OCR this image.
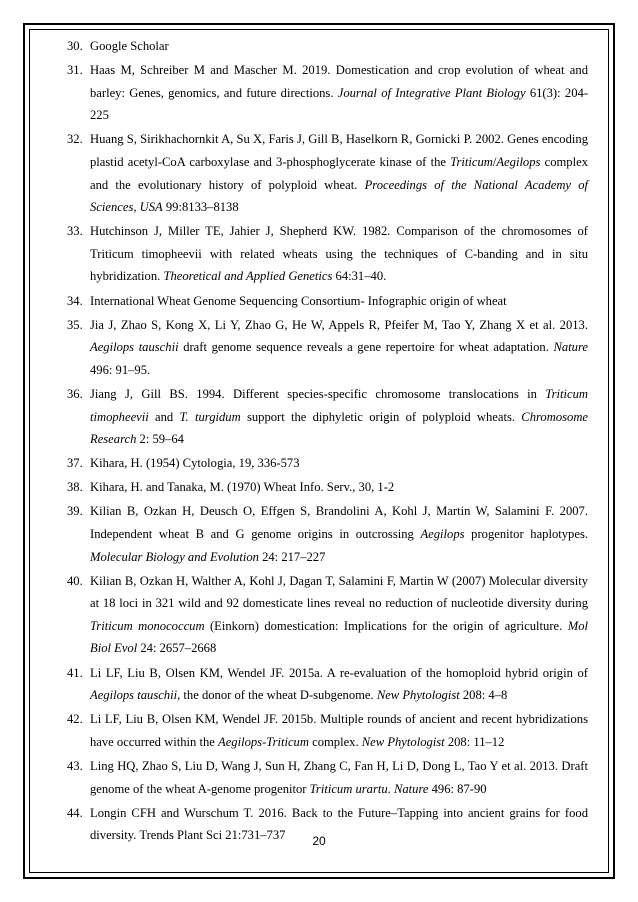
30. Google Scholar
31. Haas M, Schreiber M and Mascher M. 2019. Domestication and crop evolution of wheat and barley: Genes, genomics, and future directions. Journal of Integrative Plant Biology 61(3): 204-225
32. Huang S, Sirikhachornkit A, Su X, Faris J, Gill B, Haselkorn R, Gornicki P. 2002. Genes encoding plastid acetyl-CoA carboxylase and 3-phosphoglycerate kinase of the Triticum/Aegilops complex and the evolutionary history of polyploid wheat. Proceedings of the National Academy of Sciences, USA 99:8133–8138
33. Hutchinson J, Miller TE, Jahier J, Shepherd KW. 1982. Comparison of the chromosomes of Triticum timopheevii with related wheats using the techniques of C-banding and in situ hybridization. Theoretical and Applied Genetics 64:31–40.
34. International Wheat Genome Sequencing Consortium- Infographic origin of wheat
35. Jia J, Zhao S, Kong X, Li Y, Zhao G, He W, Appels R, Pfeifer M, Tao Y, Zhang X et al. 2013. Aegilops tauschii draft genome sequence reveals a gene repertoire for wheat adaptation. Nature 496: 91–95.
36. Jiang J, Gill BS. 1994. Different species-specific chromosome translocations in Triticum timopheevii and T. turgidum support the diphyletic origin of polyploid wheats. Chromosome Research 2: 59–64
37. Kihara, H. (1954) Cytologia, 19, 336-573
38. Kihara, H. and Tanaka, M. (1970) Wheat Info. Serv., 30, 1-2
39. Kilian B, Ozkan H, Deusch O, Effgen S, Brandolini A, Kohl J, Martin W, Salamini F. 2007. Independent wheat B and G genome origins in outcrossing Aegilops progenitor haplotypes. Molecular Biology and Evolution 24: 217–227
40. Kilian B, Ozkan H, Walther A, Kohl J, Dagan T, Salamini F, Martin W (2007) Molecular diversity at 18 loci in 321 wild and 92 domesticate lines reveal no reduction of nucleotide diversity during Triticum monococcum (Einkorn) domestication: Implications for the origin of agriculture. Mol Biol Evol 24: 2657–2668
41. Li LF, Liu B, Olsen KM, Wendel JF. 2015a. A re-evaluation of the homoploid hybrid origin of Aegilops tauschii, the donor of the wheat D-subgenome. New Phytologist 208: 4–8
42. Li LF, Liu B, Olsen KM, Wendel JF. 2015b. Multiple rounds of ancient and recent hybridizations have occurred within the Aegilops-Triticum complex. New Phytologist 208: 11–12
43. Ling HQ, Zhao S, Liu D, Wang J, Sun H, Zhang C, Fan H, Li D, Dong L, Tao Y et al. 2013. Draft genome of the wheat A-genome progenitor Triticum urartu. Nature 496: 87-90
44. Longin CFH and Wurschum T. 2016. Back to the Future–Tapping into ancient grains for food diversity. Trends Plant Sci 21:731–737	20
